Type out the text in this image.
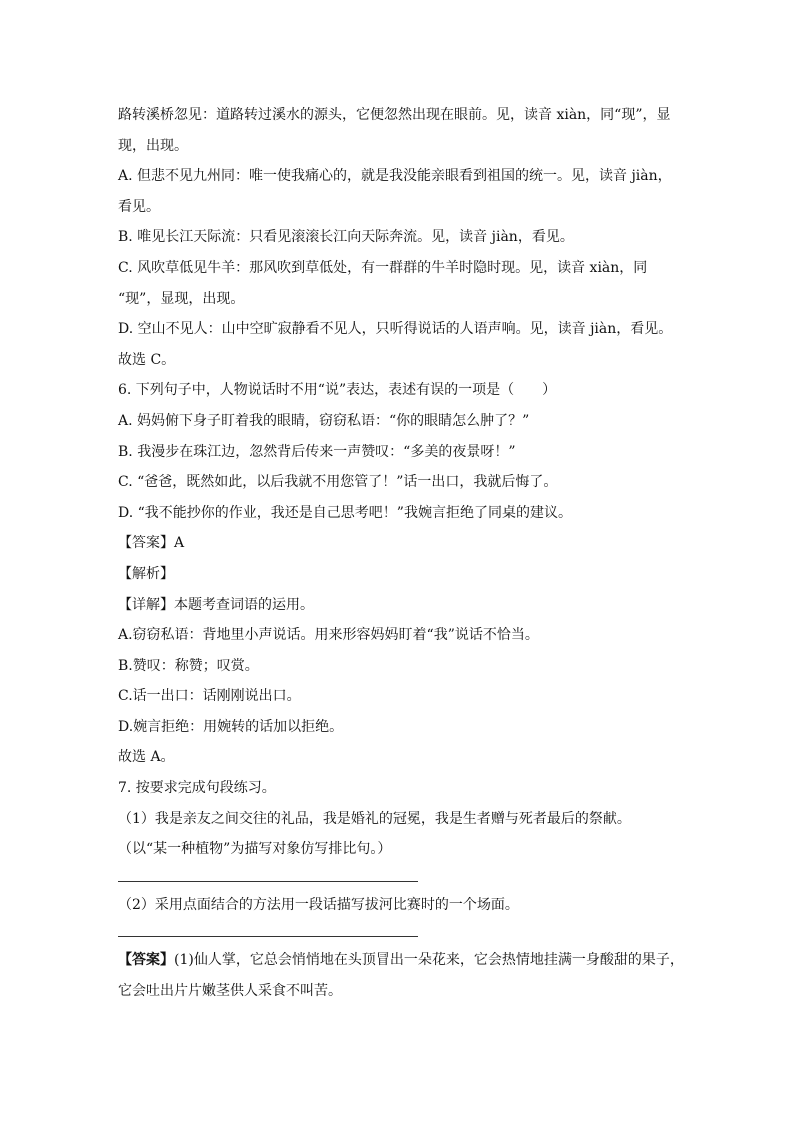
路转溪桥忽见：道路转过溪水的源头，它便忽然出现在眼前。见，读音 xiàn，同“现”，显
现，出现。
A. 但悲不见九州同：唯一使我痛心的，就是我没能亲眼看到祖国的统一。见，读音 jiàn，
看见。
B. 唯见长江天际流：只看见滚滚长江向天际奔流。见，读音 jiàn，看见。
C. 风吹草低见牛羊：那风吹到草低处，有一群群的牛羊时隐时现。见，读音 xiàn，同
“现”，显现，出现。
D. 空山不见人：山中空旷寂静看不见人，只听得说话的人语声响。见，读音 jiàn，看见。
故选 C。
6. 下列句子中，人物说话时不用“说”表达，表述有误的一项是（　　）
A. 妈妈俯下身子盯着我的眼睛，窃窃私语：“你的眼睛怎么肿了？”
B. 我漫步在珠江边，忽然背后传来一声赞叹：“多美的夜景呀！”
C. “爸爸，既然如此，以后我就不用您管了！”话一出口，我就后悔了。
D. “我不能抄你的作业，我还是自己思考吧！”我婉言拒绝了同桌的建议。
【答案】A
【解析】
【详解】本题考查词语的运用。
A.窃窃私语：背地里小声说话。用来形容妈妈盯着“我”说话不恰当。
B.赞叹：称赞；叹赏。
C.话一出口：话刚刚说出口。
D.婉言拒绝：用婉转的话加以拒绝。
故选 A。
7. 按要求完成句段练习。
（1）我是亲友之间交往的礼品，我是婚礼的冠冕，我是生者赠与死者最后的祭献。
（以“某一种植物”为描写对象仿写排比句。）
（2）采用点面结合的方法用一段话描写拔河比赛时的一个场面。
【答案】(1)仙人掌，它总会悄悄地在头顶冒出一朵花来，它会热情地挂满一身酸甜的果子，
它会吐出片片嫩茎供人采食不叫苦。
